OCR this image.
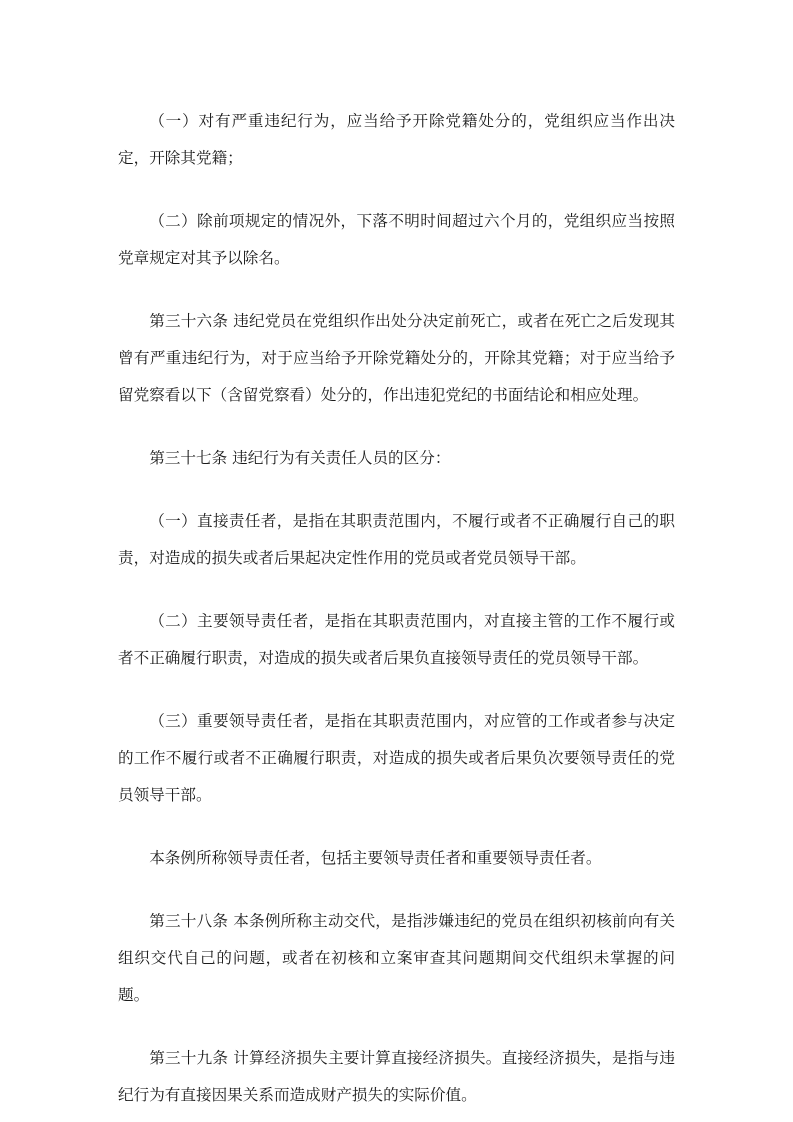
（一）对有严重违纪行为，应当给予开除党籍处分的，党组织应当作出决定，开除其党籍；

（二）除前项规定的情况外，下落不明时间超过六个月的，党组织应当按照党章规定对其予以除名。

第三十六条 违纪党员在党组织作出处分决定前死亡，或者在死亡之后发现其曾有严重违纪行为，对于应当给予开除党籍处分的，开除其党籍；对于应当给予留党察看以下（含留党察看）处分的，作出违犯党纪的书面结论和相应处理。

第三十七条 违纪行为有关责任人员的区分：

（一）直接责任者，是指在其职责范围内，不履行或者不正确履行自己的职责，对造成的损失或者后果起决定性作用的党员或者党员领导干部。

（二）主要领导责任者，是指在其职责范围内，对直接主管的工作不履行或者不正确履行职责，对造成的损失或者后果负直接领导责任的党员领导干部。

（三）重要领导责任者，是指在其职责范围内，对应管的工作或者参与决定的工作不履行或者不正确履行职责，对造成的损失或者后果负次要领导责任的党员领导干部。

本条例所称领导责任者，包括主要领导责任者和重要领导责任者。

第三十八条 本条例所称主动交代，是指涉嫌违纪的党员在组织初核前向有关组织交代自己的问题，或者在初核和立案审查其问题期间交代组织未掌握的问题。

第三十九条 计算经济损失主要计算直接经济损失。直接经济损失，是指与违纪行为有直接因果关系而造成财产损失的实际价值。
